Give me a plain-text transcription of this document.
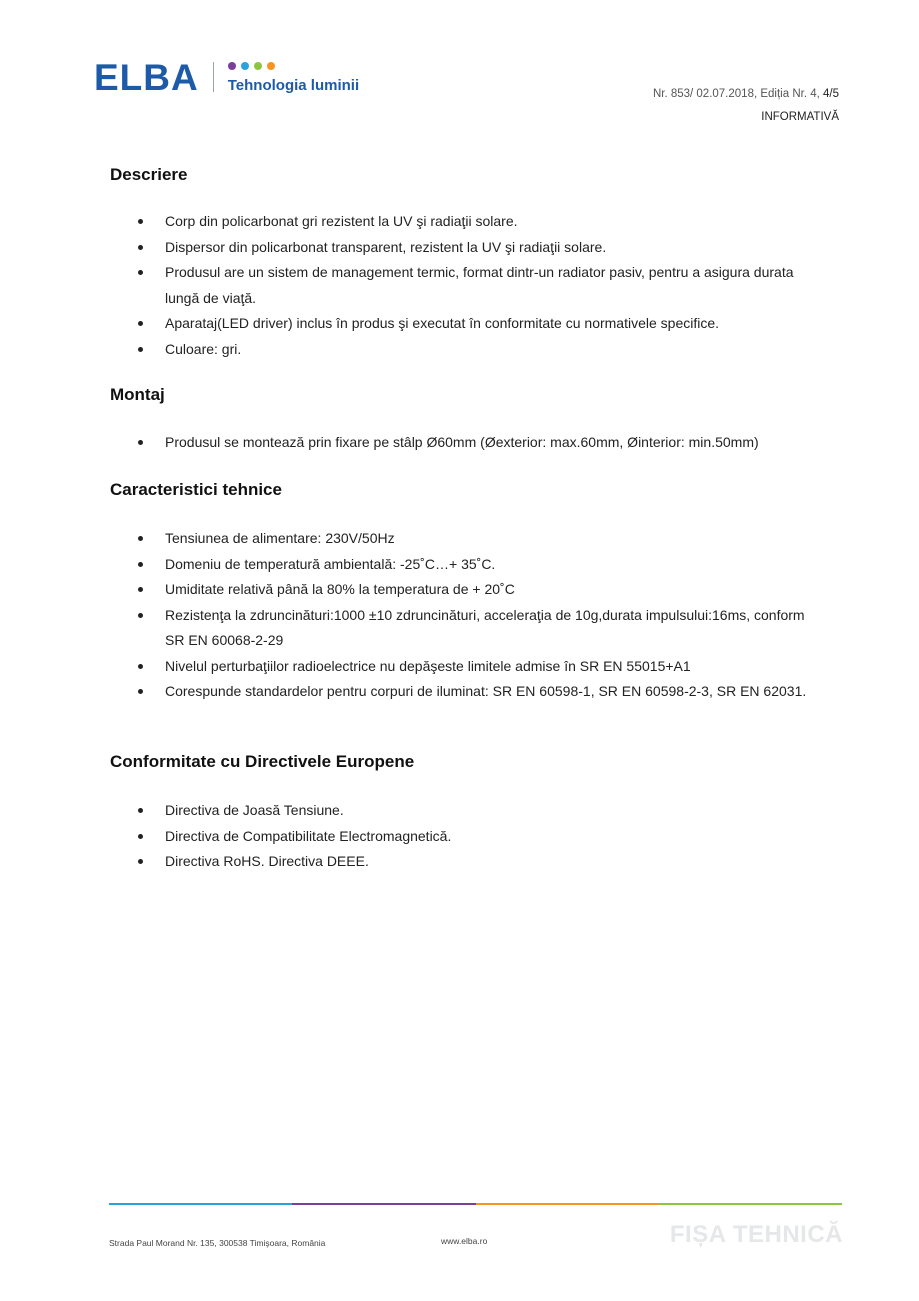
ELBA Tehnologia luminii	Nr. 853/ 02.07.2018, Ediția Nr. 4, 4/5
INFORMATIVĂ
Descriere
Corp din policarbonat gri rezistent la UV şi radiaţii solare.
Dispersor din policarbonat transparent, rezistent la UV şi radiaţii solare.
Produsul are un sistem de management termic, format dintr-un radiator pasiv, pentru a asigura durata lungă de viaţă.
Aparataj(LED driver) inclus în produs şi executat în conformitate cu normativele specifice.
Culoare: gri.
Montaj
Produsul se montează prin fixare pe stâlp Ø60mm (Øexterior: max.60mm, Øinterior: min.50mm)
Caracteristici tehnice
Tensiunea de alimentare: 230V/50Hz
Domeniu de temperatură ambientală: -25˚C…+ 35˚C.
Umiditate relativă până la 80% la temperatura de + 20˚C
Rezistenţa la zdruncinături:1000 ±10 zdruncinături, acceleraţia de 10g,durata impulsului:16ms, conform SR EN 60068-2-29
Nivelul perturbaţiilor radioelectrice nu depăşeste limitele admise în SR EN 55015+A1
Corespunde standardelor pentru corpuri de iluminat: SR EN 60598-1, SR EN 60598-2-3, SR EN 62031.
Conformitate cu Directivele Europene
Directiva de Joasă Tensiune.
Directiva de Compatibilitate Electromagnetică.
Directiva RoHS. Directiva DEEE.
Strada Paul Morand Nr. 135, 300538 Timişoara, România	www.elba.ro	FIȘA TEHNICĂ
